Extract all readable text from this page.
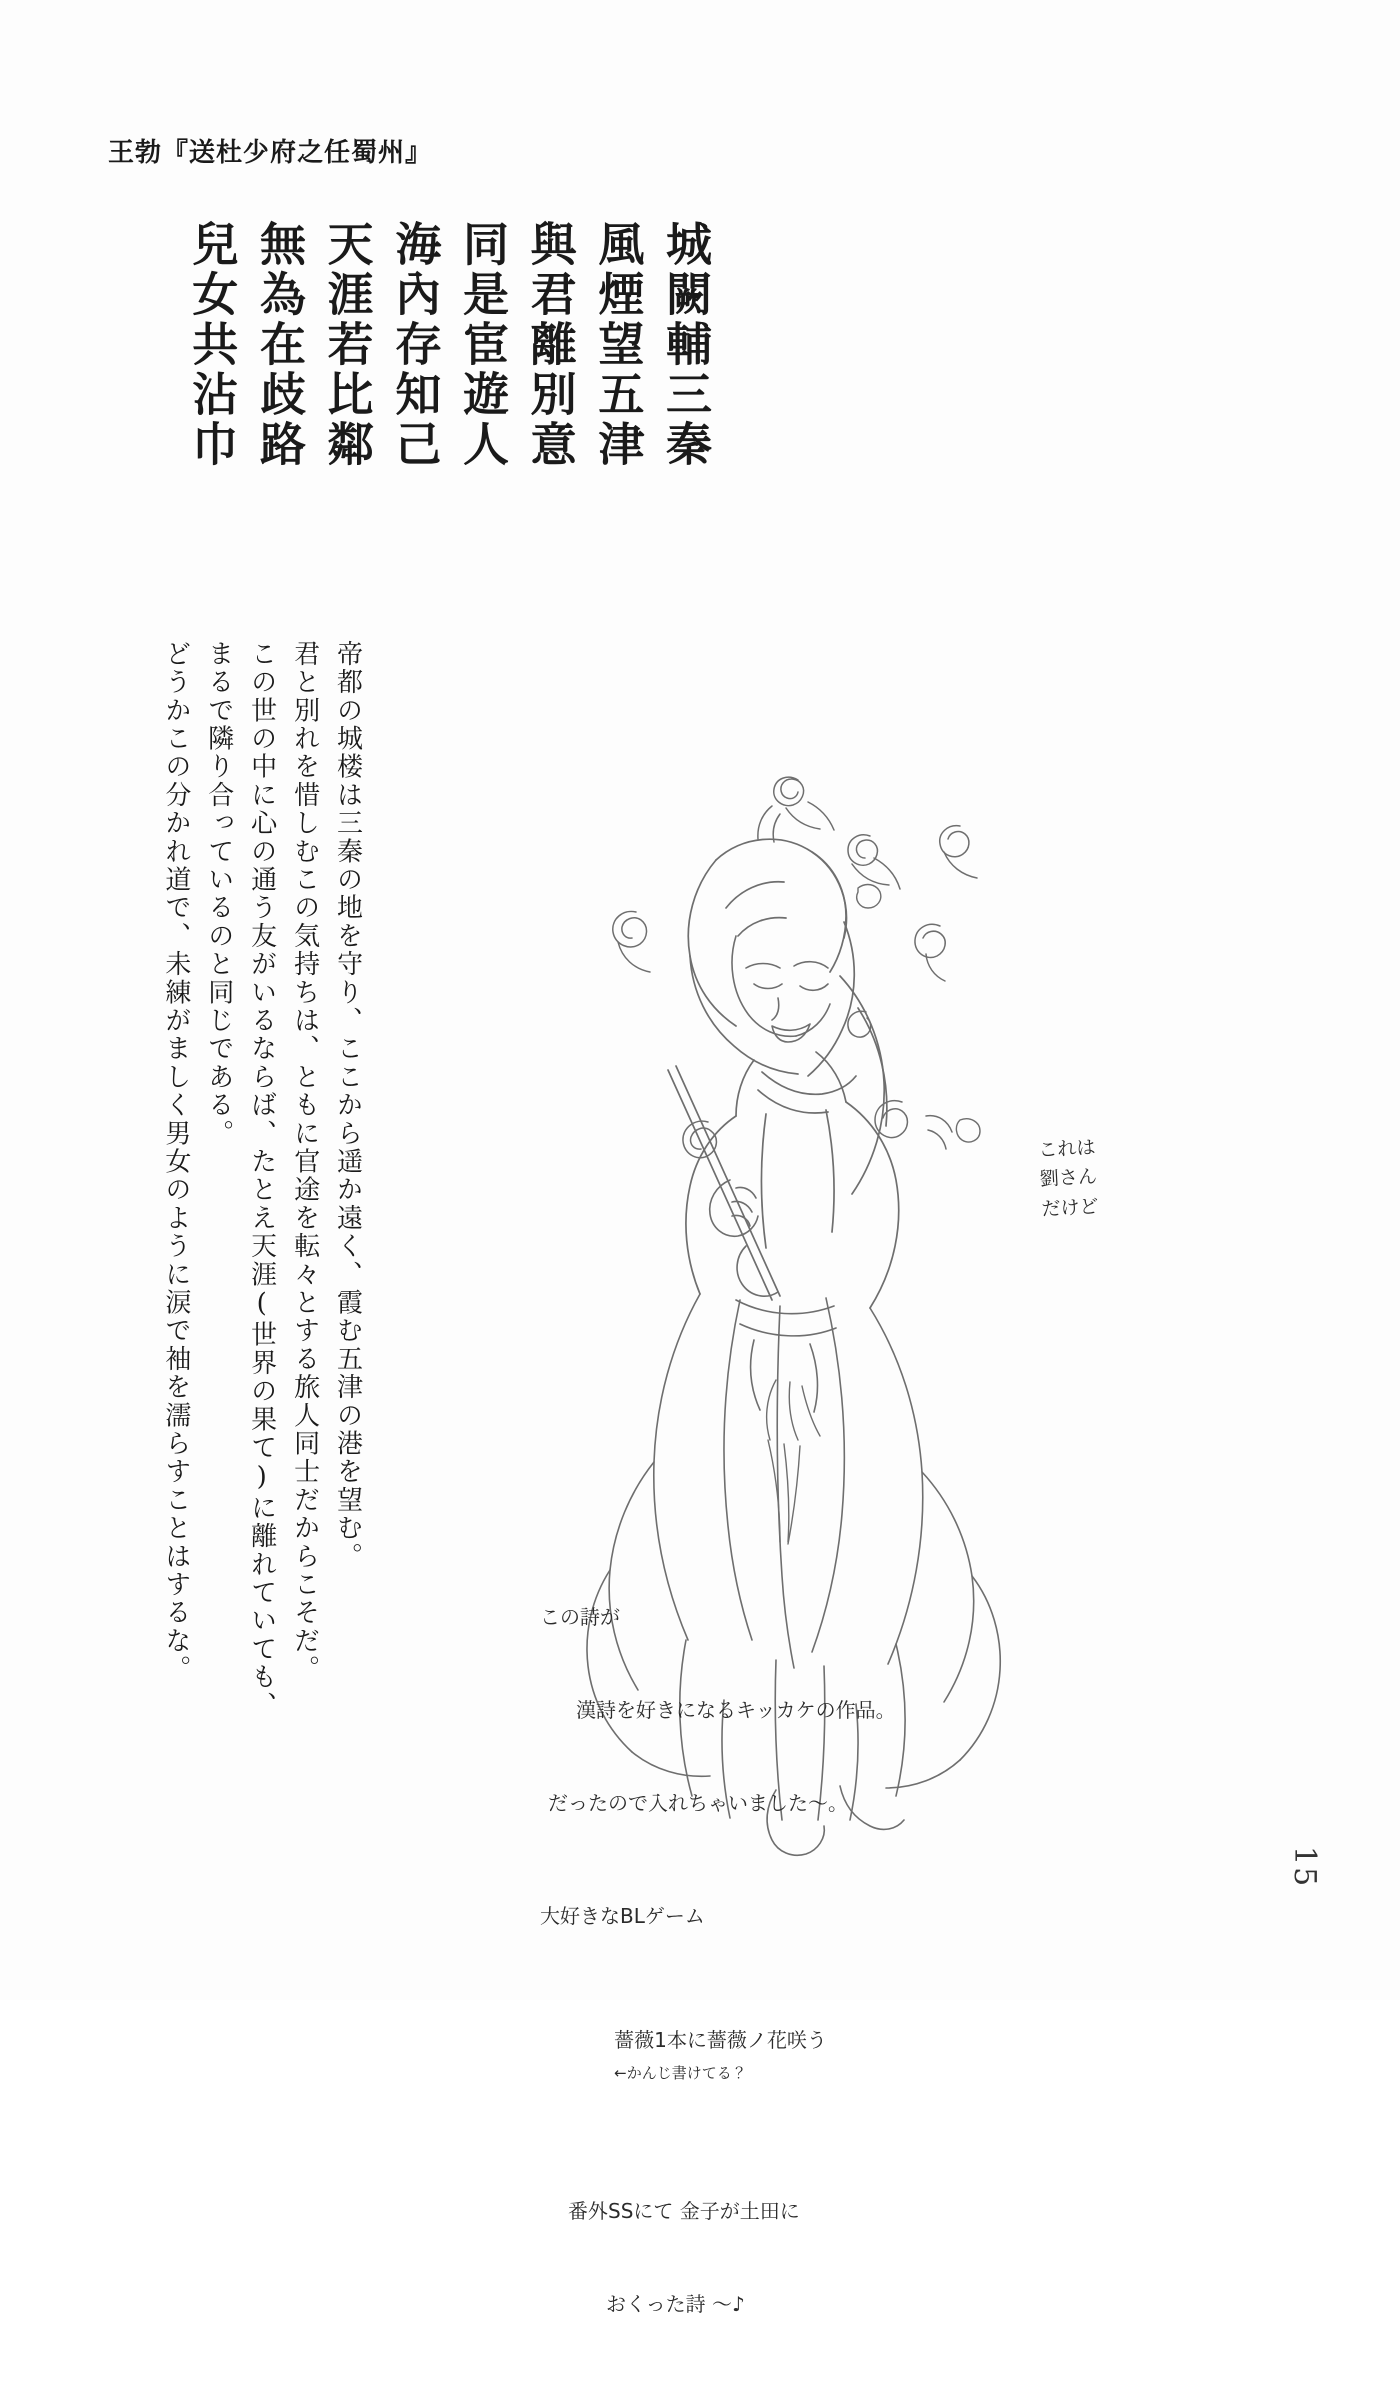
王勃『送杜少府之任蜀州』
城闕輔三秦
風煙望五津
與君離別意
同是宦遊人
海內存知己
天涯若比鄰
無為在歧路
兒女共沾巾
帝都の城楼は三秦の地を守り、ここから遥か遠く、霞む五津の港を望む。
君と別れを惜しむこの気持ちは、ともに官途を転々とする旅人同士だからこそだ。
この世の中に心の通う友がいるならば、たとえ天涯(世界の果て)に離れていても、
まるで隣り合っているのと同じである。
どうかこの分かれ道で、未練がましく男女のように涙で袖を濡らすことはするな。	これは
劉さん
だけど

この詩が

漢詩を好きになるキッカケの作品。

だったので入れちゃいました〜。

大好きなBLゲーム

薔薇1本に薔薇ノ花咲う
←かんじ書けてる？

番外SSにて 金子が土田に

おくった詩 〜♪

15
